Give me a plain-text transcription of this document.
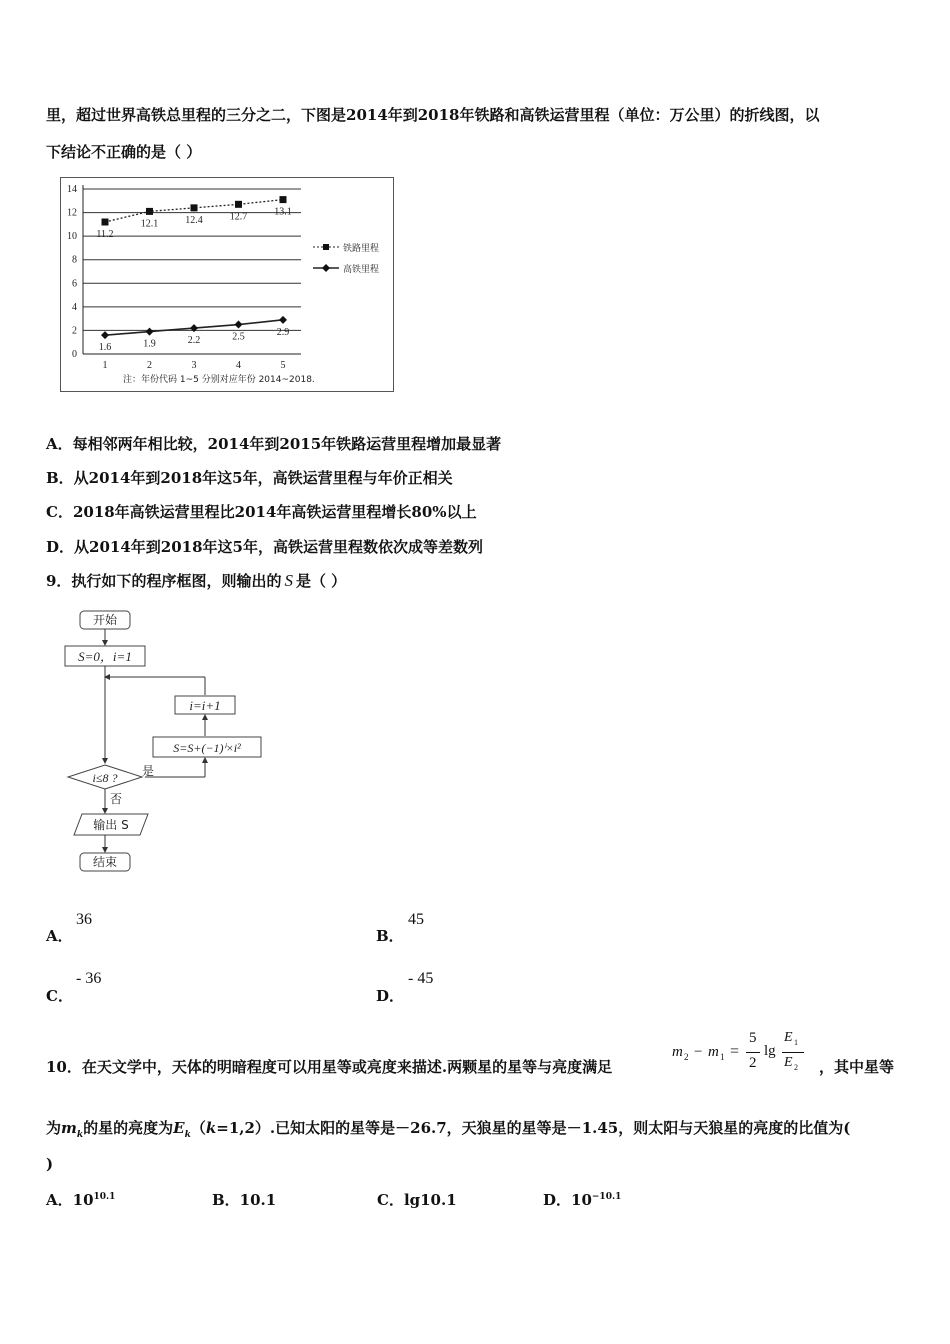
里，超过世界高铁总里程的三分之二，下图是2014年到2018年铁路和高铁运营里程（单位：万公里）的折线图，以
下结论不正确的是（ ）
0
2
4
6
8
10
12
14
1	2	3	4	5
11.2
12.1	12.4	12.7	13.1
1.6	1.9	2.2	2.5	2.9
铁路里程
高铁里程
注：年份代码 1~5 分别对应年份 2014~2018.
A．每相邻两年相比较，2014年到2015年铁路运营里程增加最显著
B．从2014年到2018年这5年，高铁运营里程与年价正相关
C．2018年高铁运营里程比2014年高铁运营里程增长80%以上
D．从2014年到2018年这5年，高铁运营里程数依次成等差数列
9．执行如下的程序框图，则输出的 S 是（ ）
开始
S=0，i=1
i=i+1
S=S+(−1)ⁱ×i²
是
i≤8 ?
否
输出 S
结束
A．
36
B．
45
C．
- 36
D．
- 45
10．在天文学中，天体的明暗程度可以用星等或亮度来描述.两颗星的星等与亮度满足
m 2 − m 1 =
5
2
lg
E 1
E 2 ，其中星等
为$m_k$的星的亮度为$E_k(k=1,2)$.已知太阳的星等是－26.7，天狼星的星等是－1.45，则太阳与天狼星的亮度的比值为(
)
A．$10^{10.1}$	B．10.1	C．lg10.1	D．$10^{-10.1}$
